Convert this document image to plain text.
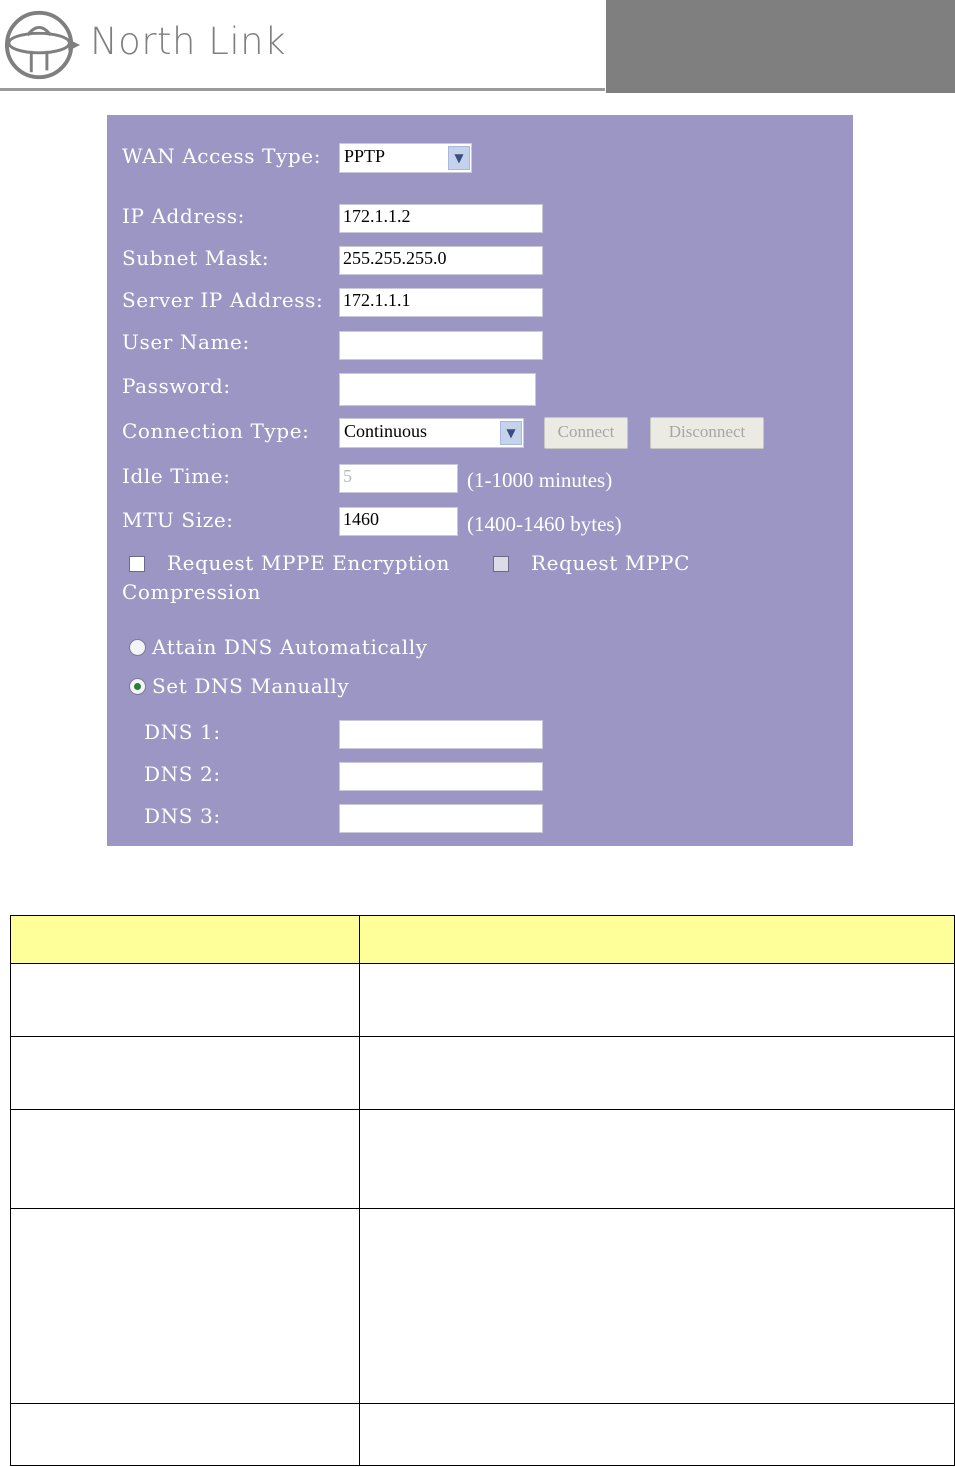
North Link
WAN Access Type: PPTP	▼
IP Address:	172.1.1.2
Subnet Mask:	255.255.255.0
Server IP Address: 172.1.1.1
User Name:
Password:
Connection Type: Continuous	▼	Connect	Disconnect
Idle Time:	5	(1-1000 minutes)
MTU Size:	1460	(1400-1460 bytes)
Request MPPE Encryption	Request MPPC
Compression
Attain DNS Automatically
Set DNS Manually
DNS 1:
DNS 2:
DNS 3:
